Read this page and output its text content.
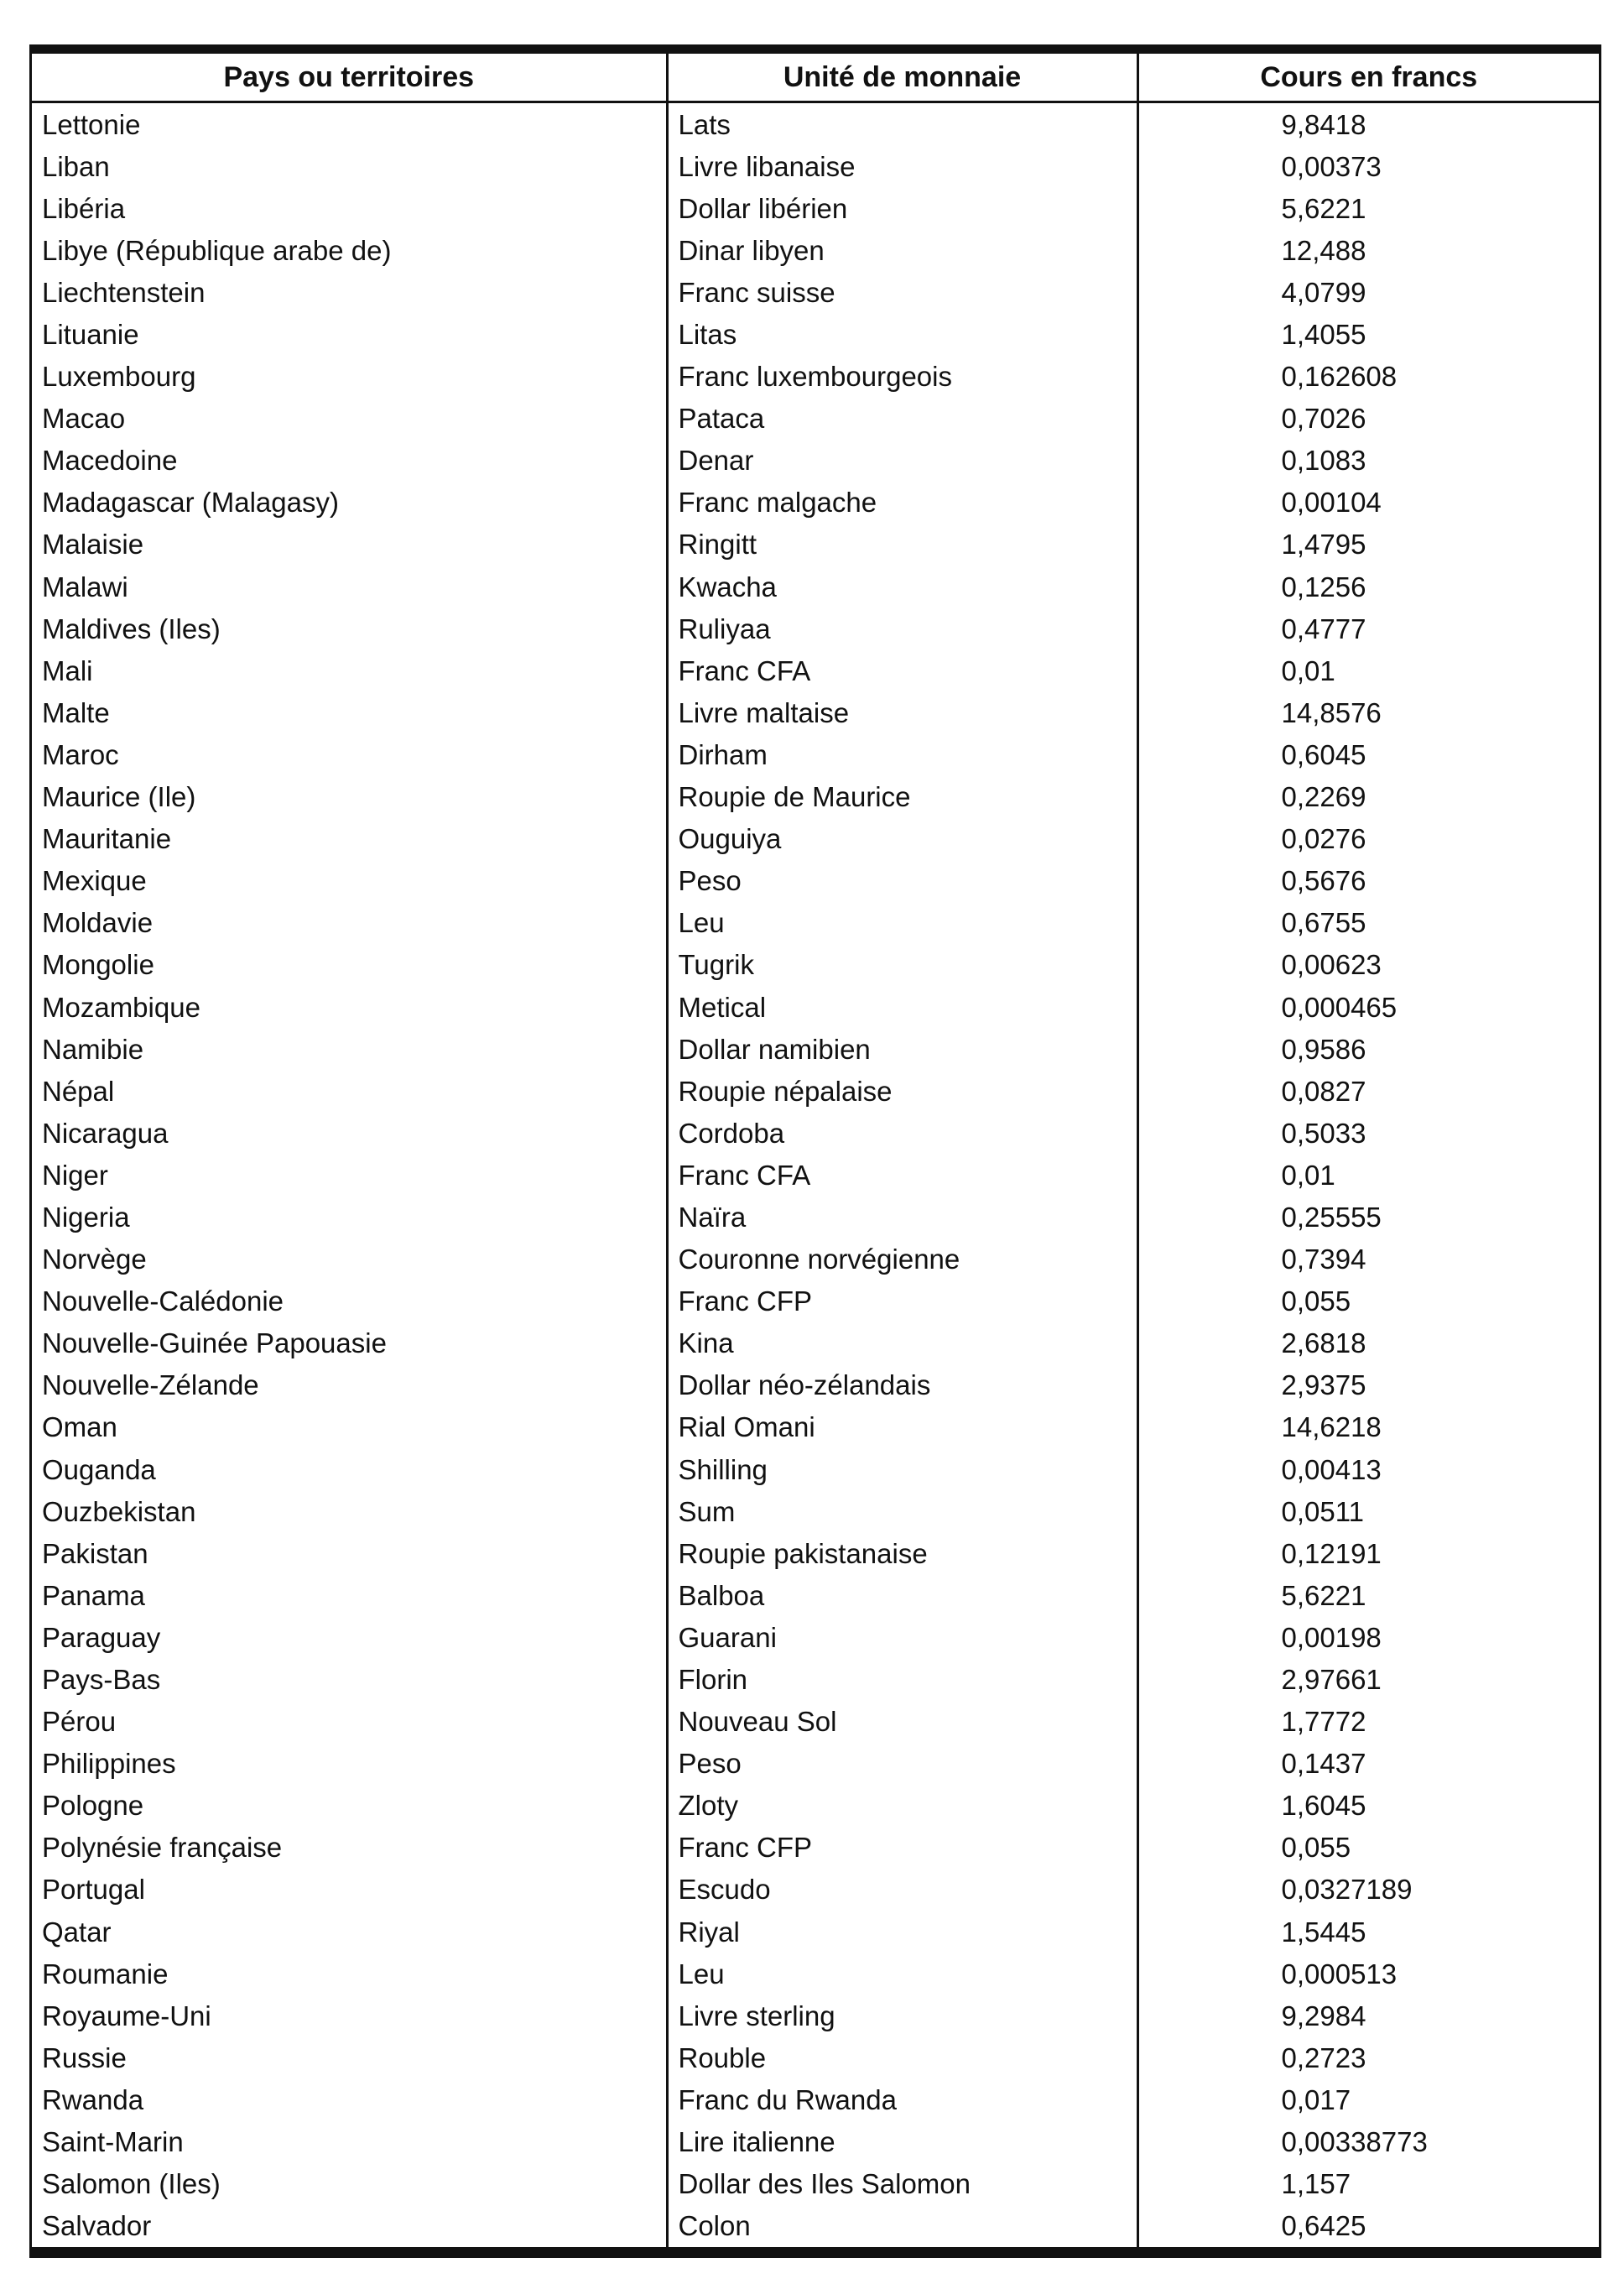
Pays ou territoires	Unité de monnaie	Cours en francs
Lettonie	Lats	9,8418
Liban	Livre libanaise	0,00373
Libéria	Dollar libérien	5,6221
Libye (République arabe de)	Dinar libyen	12,488
Liechtenstein	Franc suisse	4,0799
Lituanie	Litas	1,4055
Luxembourg	Franc luxembourgeois	0,162608
Macao	Pataca	0,7026
Macedoine	Denar	0,1083
Madagascar (Malagasy)	Franc malgache	0,00104
Malaisie	Ringitt	1,4795
Malawi	Kwacha	0,1256
Maldives (Iles)	Ruliyaa	0,4777
Mali	Franc CFA	0,01
Malte	Livre maltaise	14,8576
Maroc	Dirham	0,6045
Maurice (Ile)	Roupie de Maurice	0,2269
Mauritanie	Ouguiya	0,0276
Mexique	Peso	0,5676
Moldavie	Leu	0,6755
Mongolie	Tugrik	0,00623
Mozambique	Metical	0,000465
Namibie	Dollar namibien	0,9586
Népal	Roupie népalaise	0,0827
Nicaragua	Cordoba	0,5033
Niger	Franc CFA	0,01
Nigeria	Naïra	0,25555
Norvège	Couronne norvégienne	0,7394
Nouvelle-Calédonie	Franc CFP	0,055
Nouvelle-Guinée Papouasie	Kina	2,6818
Nouvelle-Zélande	Dollar néo-zélandais	2,9375
Oman	Rial Omani	14,6218
Ouganda	Shilling	0,00413
Ouzbekistan	Sum	0,0511
Pakistan	Roupie pakistanaise	0,12191
Panama	Balboa	5,6221
Paraguay	Guarani	0,00198
Pays-Bas	Florin	2,97661
Pérou	Nouveau Sol	1,7772
Philippines	Peso	0,1437
Pologne	Zloty	1,6045
Polynésie française	Franc CFP	0,055
Portugal	Escudo	0,0327189
Qatar	Riyal	1,5445
Roumanie	Leu	0,000513
Royaume-Uni	Livre sterling	9,2984
Russie	Rouble	0,2723
Rwanda	Franc du Rwanda	0,017
Saint-Marin	Lire italienne	0,00338773
Salomon (Iles)	Dollar des Iles Salomon	1,157
Salvador	Colon	0,6425
